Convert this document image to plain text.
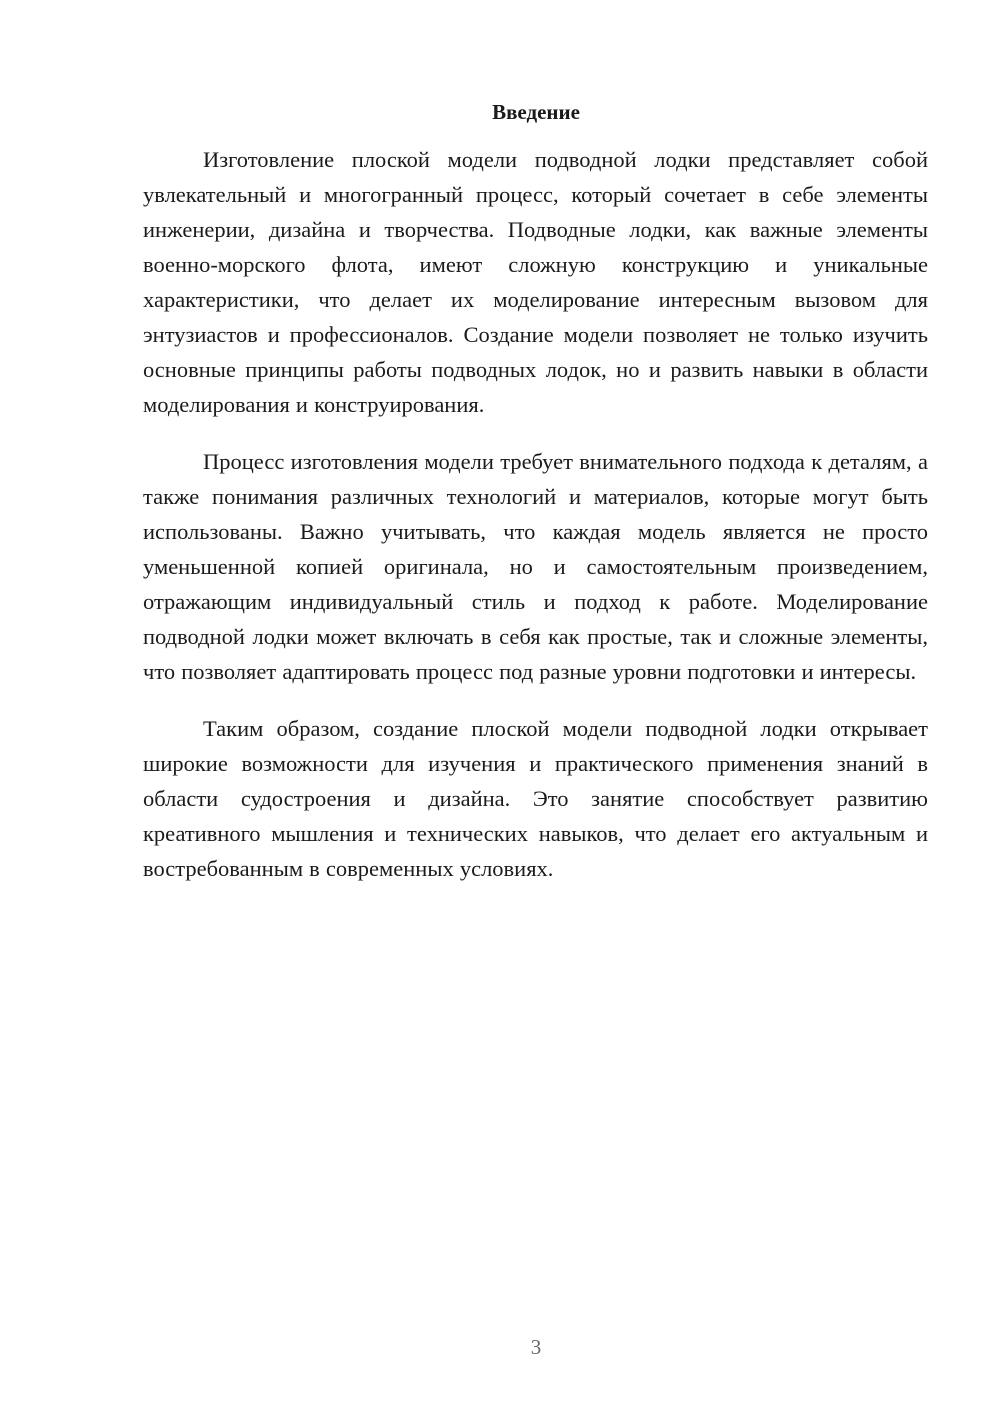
Введение

Изготовление плоской модели подводной лодки представляет собой увлекательный и многогранный процесс, который сочетает в себе элементы инженерии, дизайна и творчества. Подводные лодки, как важные элементы военно-морского флота, имеют сложную конструкцию и уникальные характеристики, что делает их моделирование интересным вызовом для энтузиастов и профессионалов. Создание модели позволяет не только изучить основные принципы работы подводных лодок, но и развить навыки в области моделирования и конструирования.

Процесс изготовления модели требует внимательного подхода к деталям, а также понимания различных технологий и материалов, которые могут быть использованы. Важно учитывать, что каждая модель является не просто уменьшенной копией оригинала, но и самостоятельным произведением, отражающим индивидуальный стиль и подход к работе. Моделирование подводной лодки может включать в себя как простые, так и сложные элементы, что позволяет адаптировать процесс под разные уровни подготовки и интересы.

Таким образом, создание плоской модели подводной лодки открывает широкие возможности для изучения и практического применения знаний в области судостроения и дизайна. Это занятие способствует развитию креативного мышления и технических навыков, что делает его актуальным и востребованным в современных условиях.

3
